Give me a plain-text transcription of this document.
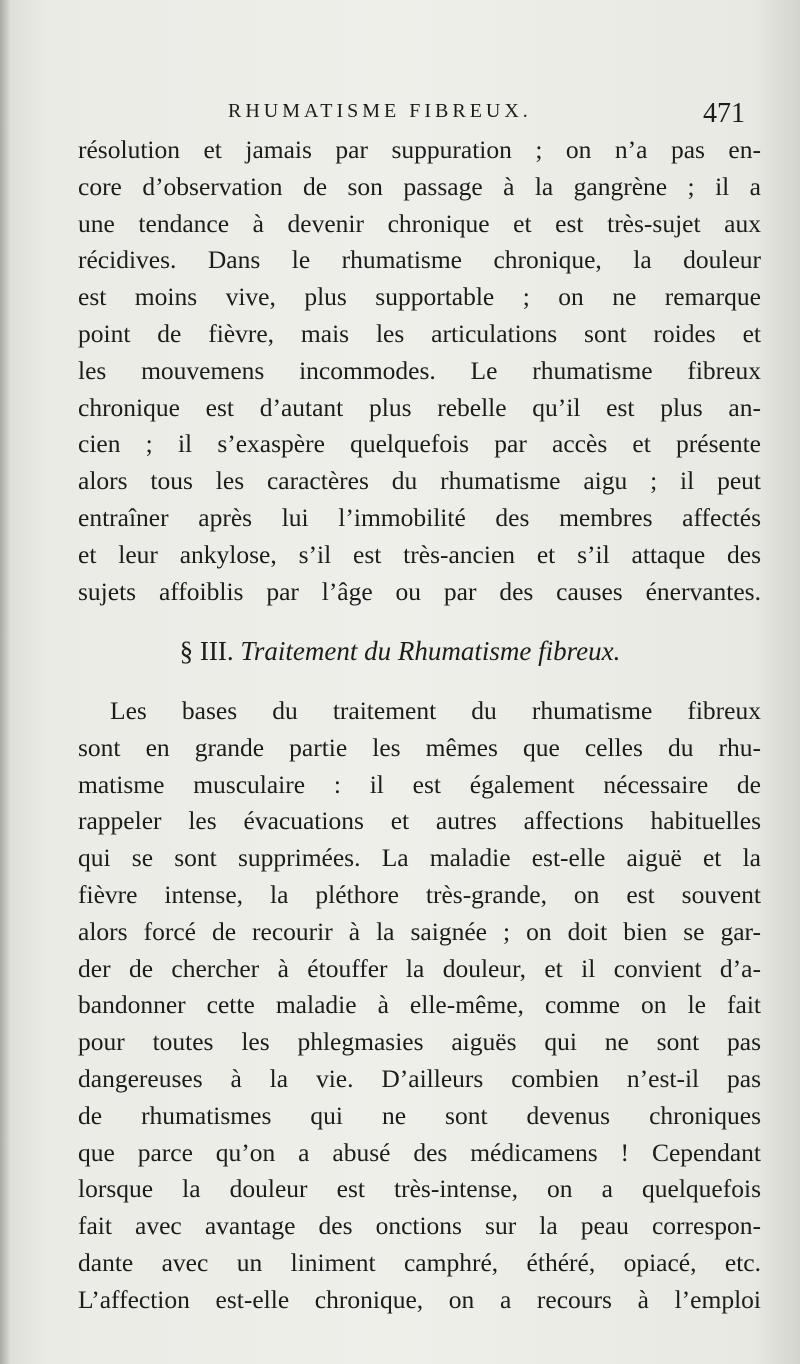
RHUMATISME FIBREUX.	471
résolution et jamais par suppuration ; on n’a pas en-
core d’observation de son passage à la gangrène ; il a
une tendance à devenir chronique et est très-sujet aux
récidives. Dans le rhumatisme chronique, la douleur
est moins vive, plus supportable ; on ne remarque
point de fièvre, mais les articulations sont roides et
les mouvemens incommodes. Le rhumatisme fibreux
chronique est d’autant plus rebelle qu’il est plus an-
cien ; il s’exaspère quelquefois par accès et présente
alors tous les caractères du rhumatisme aigu ; il peut
entraîner après lui l’immobilité des membres affectés
et leur ankylose, s’il est très-ancien et s’il attaque des
sujets affoiblis par l’âge ou par des causes énervantes.
§ III. Traitement du Rhumatisme fibreux.
Les bases du traitement du rhumatisme fibreux
sont en grande partie les mêmes que celles du rhu-
matisme musculaire : il est également nécessaire de
rappeler les évacuations et autres affections habituelles
qui se sont supprimées. La maladie est-elle aiguë et la
fièvre intense, la pléthore très-grande, on est souvent
alors forcé de recourir à la saignée ; on doit bien se gar-
der de chercher à étouffer la douleur, et il convient d’a-
bandonner cette maladie à elle-même, comme on le fait
pour toutes les phlegmasies aiguës qui ne sont pas
dangereuses à la vie. D’ailleurs combien n’est-il pas
de rhumatismes qui ne sont devenus chroniques
que parce qu’on a abusé des médicamens ! Cependant
lorsque la douleur est très-intense, on a quelquefois
fait avec avantage des onctions sur la peau correspon-
dante avec un liniment camphré, éthéré, opiacé, etc.
L’affection est-elle chronique, on a recours à l’emploi
